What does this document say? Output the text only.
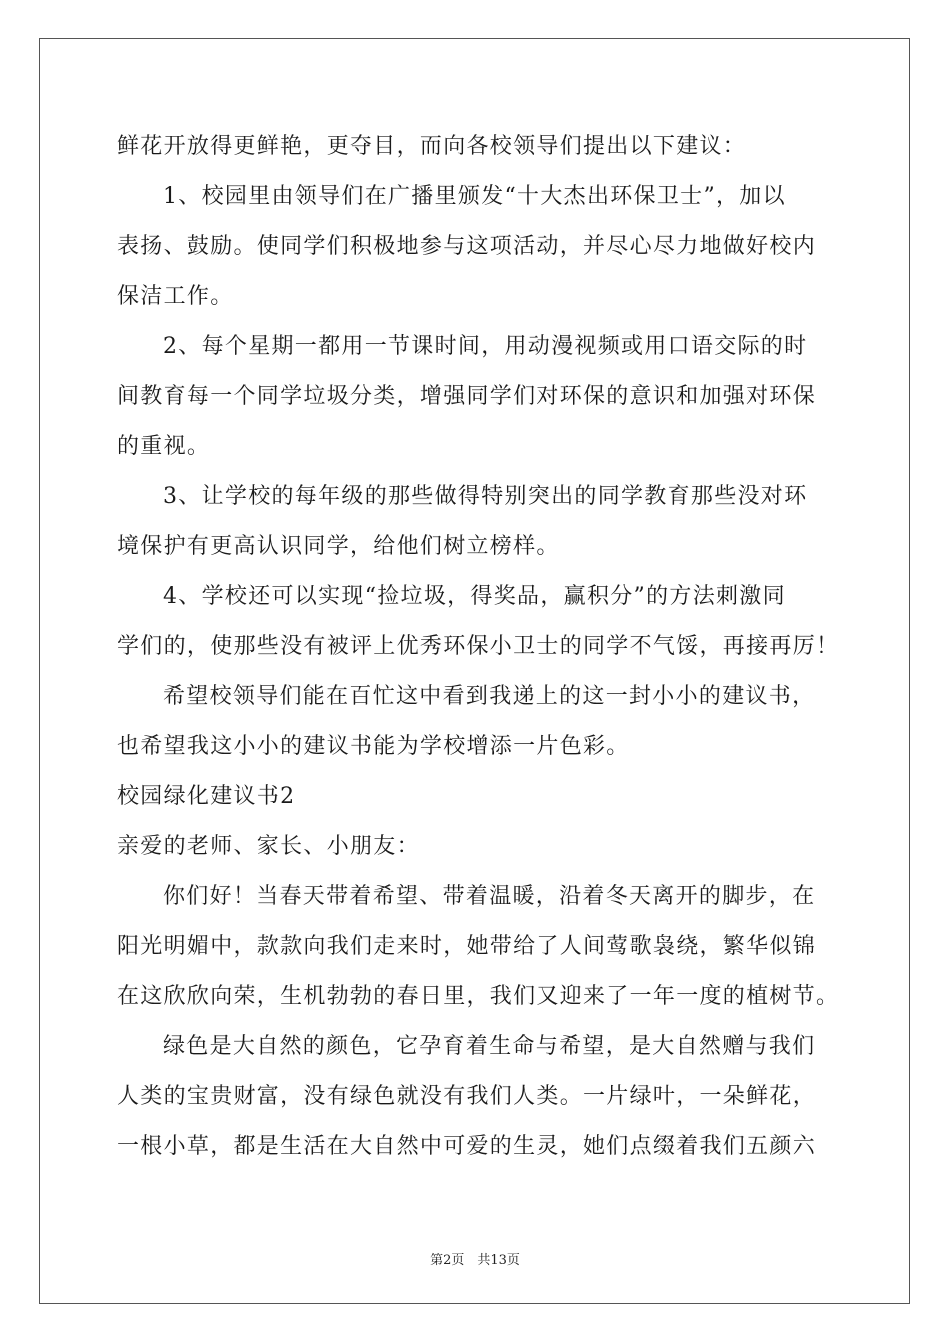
鲜花开放得更鲜艳，更夺目，而向各校领导们提出以下建议：
1、校园里由领导们在广播里颁发“十大杰出环保卫士”，加以
表扬、鼓励。使同学们积极地参与这项活动，并尽心尽力地做好校内
保洁工作。
2、每个星期一都用一节课时间，用动漫视频或用口语交际的时
间教育每一个同学垃圾分类，增强同学们对环保的意识和加强对环保
的重视。
3、让学校的每年级的那些做得特别突出的同学教育那些没对环
境保护有更高认识同学，给他们树立榜样。
4、学校还可以实现“捡垃圾，得奖品，赢积分”的方法刺激同
学们的，使那些没有被评上优秀环保小卫士的同学不气馁，再接再厉！
希望校领导们能在百忙这中看到我递上的这一封小小的建议书，
也希望我这小小的建议书能为学校增添一片色彩。
校园绿化建议书2
亲爱的老师、家长、小朋友：
你们好！当春天带着希望、带着温暖，沿着冬天离开的脚步，在
阳光明媚中，款款向我们走来时，她带给了人间莺歌袅绕，繁华似锦
在这欣欣向荣，生机勃勃的春日里，我们又迎来了一年一度的植树节。
绿色是大自然的颜色，它孕育着生命与希望，是大自然赠与我们
人类的宝贵财富，没有绿色就没有我们人类。一片绿叶，一朵鲜花，
一根小草，都是生活在大自然中可爱的生灵，她们点缀着我们五颜六
第2页　共13页
